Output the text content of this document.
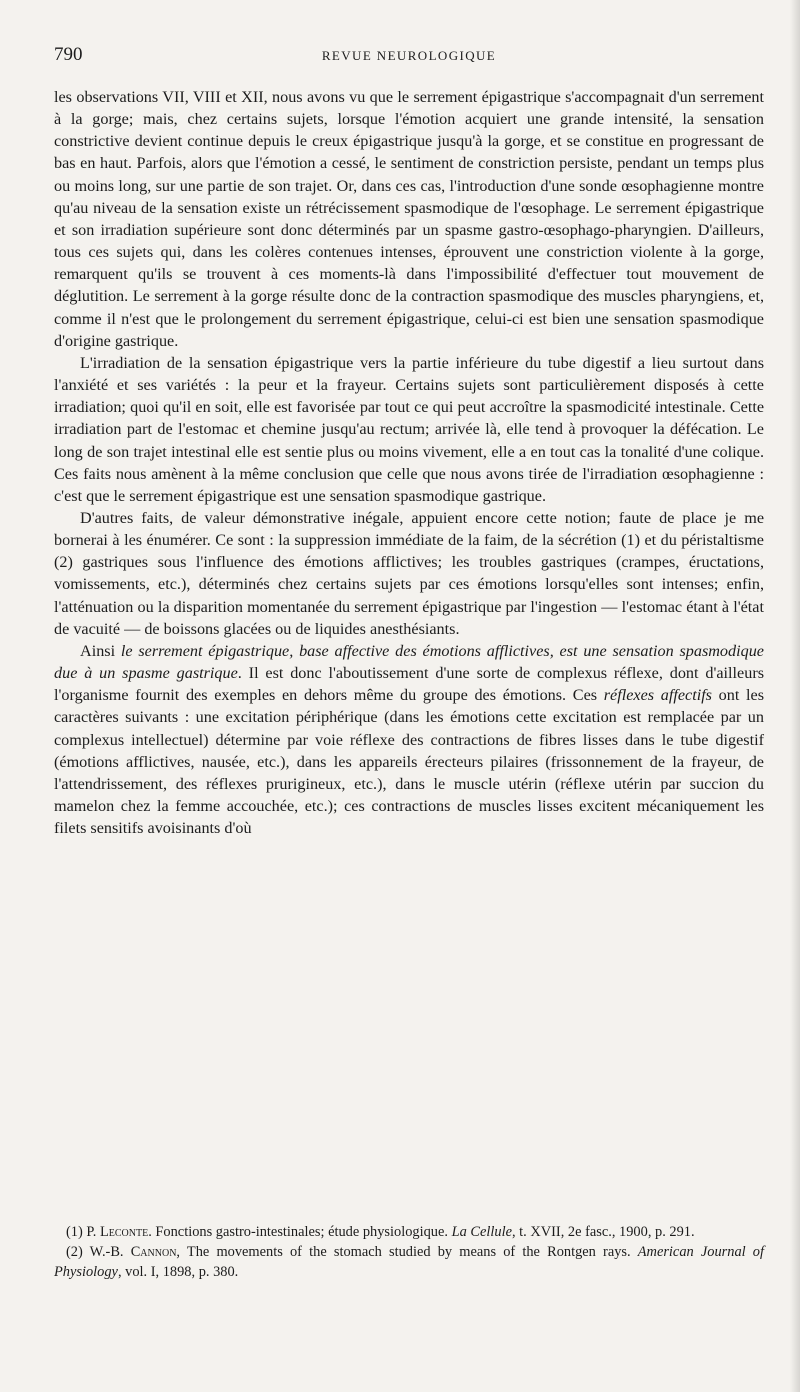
790	REVUE NEUROLOGIQUE

les observations VII, VIII et XII, nous avons vu que le serrement épigastrique s'accompagnait d'un serrement à la gorge; mais, chez certains sujets, lorsque l'émotion acquiert une grande intensité, la sensation constrictive devient continue depuis le creux épigastrique jusqu'à la gorge, et se constitue en progressant de bas en haut. Parfois, alors que l'émotion a cessé, le sentiment de constriction persiste, pendant un temps plus ou moins long, sur une partie de son trajet. Or, dans ces cas, l'introduction d'une sonde œsophagienne montre qu'au niveau de la sensation existe un rétrécissement spasmodique de l'œsophage. Le serrement épigastrique et son irradiation supérieure sont donc déterminés par un spasme gastro-œsophago-pharyngien. D'ailleurs, tous ces sujets qui, dans les colères contenues intenses, éprouvent une constriction violente à la gorge, remarquent qu'ils se trouvent à ces moments-là dans l'impossibilité d'effectuer tout mouvement de déglutition. Le serrement à la gorge résulte donc de la contraction spasmodique des muscles pharyngiens, et, comme il n'est que le prolongement du serrement épigastrique, celui-ci est bien une sensation spasmodique d'origine gastrique.

L'irradiation de la sensation épigastrique vers la partie inférieure du tube digestif a lieu surtout dans l'anxiété et ses variétés : la peur et la frayeur. Certains sujets sont particulièrement disposés à cette irradiation; quoi qu'il en soit, elle est favorisée par tout ce qui peut accroître la spasmodicité intestinale. Cette irradiation part de l'estomac et chemine jusqu'au rectum; arrivée là, elle tend à provoquer la défécation. Le long de son trajet intestinal elle est sentie plus ou moins vivement, elle a en tout cas la tonalité d'une colique. Ces faits nous amènent à la même conclusion que celle que nous avons tirée de l'irradiation œsophagienne : c'est que le serrement épigastrique est une sensation spasmodique gastrique.

D'autres faits, de valeur démonstrative inégale, appuient encore cette notion; faute de place je me bornerai à les énumérer. Ce sont : la suppression immédiate de la faim, de la sécrétion (1) et du péristaltisme (2) gastriques sous l'influence des émotions afflictives; les troubles gastriques (crampes, éructations, vomissements, etc.), déterminés chez certains sujets par ces émotions lorsqu'elles sont intenses; enfin, l'atténuation ou la disparition momentanée du serrement épigastrique par l'ingestion — l'estomac étant à l'état de vacuité — de boissons glacées ou de liquides anesthésiants.

Ainsi le serrement épigastrique, base affective des émotions afflictives, est une sensation spasmodique due à un spasme gastrique. Il est donc l'aboutissement d'une sorte de complexus réflexe, dont d'ailleurs l'organisme fournit des exemples en dehors même du groupe des émotions. Ces réflexes affectifs ont les caractères suivants : une excitation périphérique (dans les émotions cette excitation est remplacée par un complexus intellectuel) détermine par voie réflexe des contractions de fibres lisses dans le tube digestif (émotions afflictives, nausée, etc.), dans les appareils érecteurs pilaires (frissonnement de la frayeur, de l'attendrissement, des réflexes prurigineux, etc.), dans le muscle utérin (réflexe utérin par succion du mamelon chez la femme accouchée, etc.); ces contractions de muscles lisses excitent mécaniquement les filets sensitifs avoisinants d'où

(1) P. Leconte. Fonctions gastro-intestinales; étude physiologique. La Cellule, t. XVII, 2e fasc., 1900, p. 291.

(2) W.-B. Cannon, The movements of the stomach studied by means of the Rontgen rays. American Journal of Physiology, vol. I, 1898, p. 380.
